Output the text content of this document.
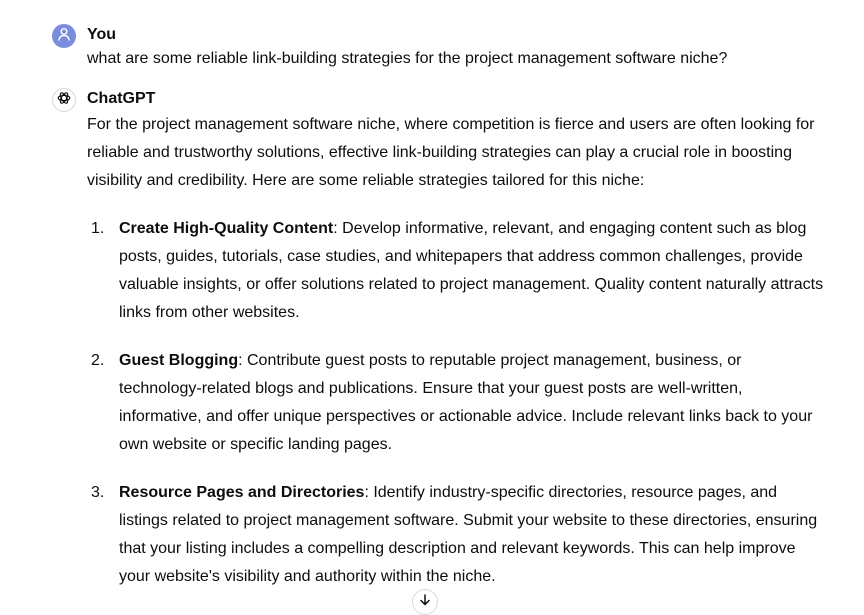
You
what are some reliable link-building strategies for the project management software niche?
ChatGPT
For the project management software niche, where competition is fierce and users are often looking for reliable and trustworthy solutions, effective link-building strategies can play a crucial role in boosting visibility and credibility. Here are some reliable strategies tailored for this niche:
1. Create High-Quality Content: Develop informative, relevant, and engaging content such as blog posts, guides, tutorials, case studies, and whitepapers that address common challenges, provide valuable insights, or offer solutions related to project management. Quality content naturally attracts links from other websites.
2. Guest Blogging: Contribute guest posts to reputable project management, business, or technology-related blogs and publications. Ensure that your guest posts are well-written, informative, and offer unique perspectives or actionable advice. Include relevant links back to your own website or specific landing pages.
3. Resource Pages and Directories: Identify industry-specific directories, resource pages, and listings related to project management software. Submit your website to these directories, ensuring that your listing includes a compelling description and relevant keywords. This can help improve your website's visibility and authority within the niche.
